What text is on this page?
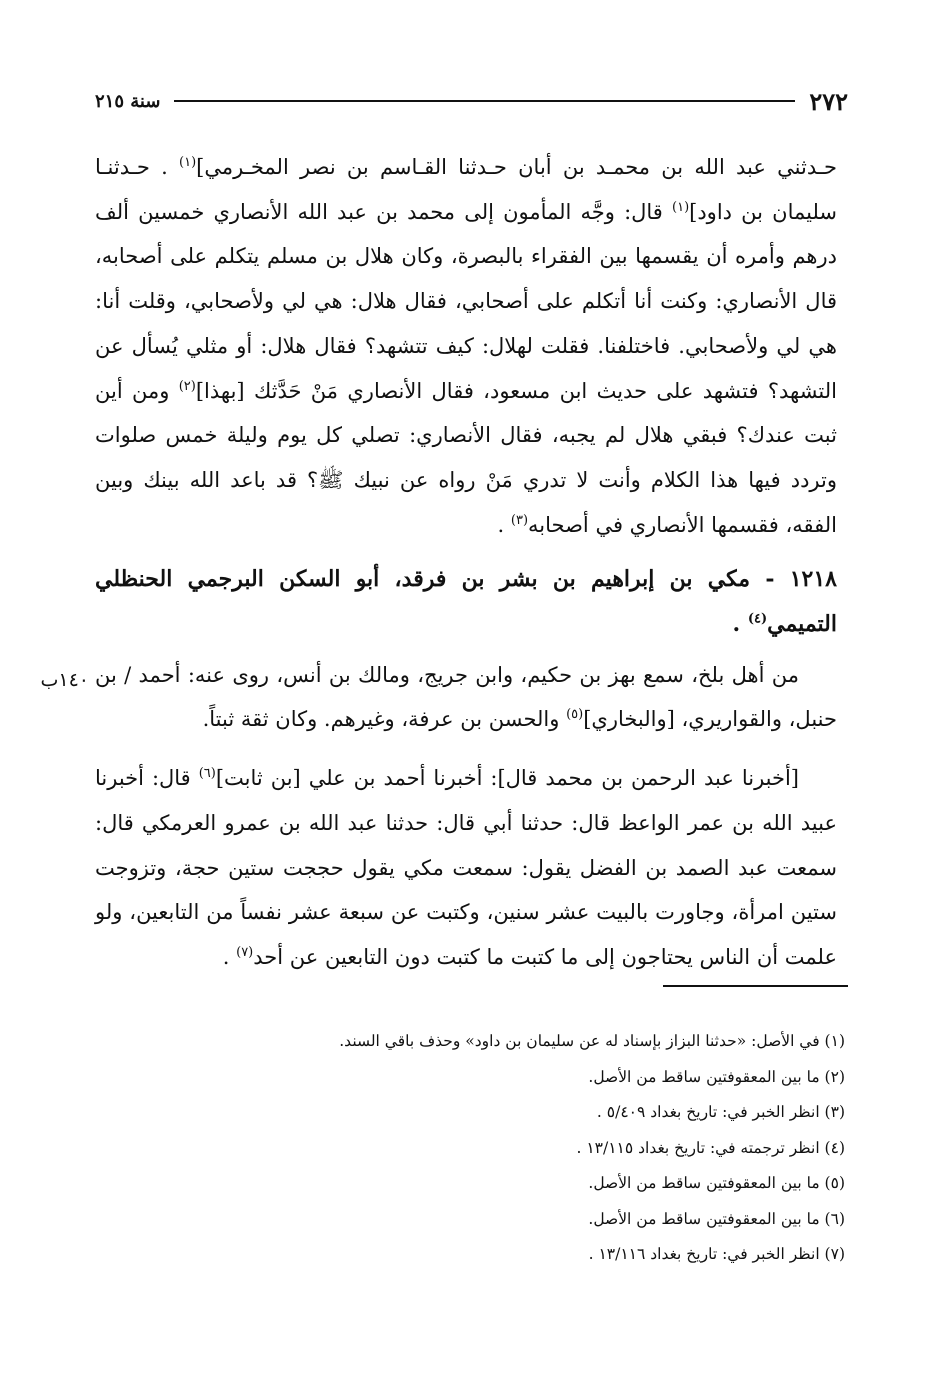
٢٧٢
سنة ٢١٥

حـدثني عبد الله بن محمـد بن أبان حـدثنا القـاسم بن نصر المخـرمي]$^{(١)}$ . حـدثنـا سليمان بن داود]$^{(١)}$ قال: وجَّه المأمون إلى محمد بن عبد الله الأنصاري خمسين ألف درهم وأمره أن يقسمها بين الفقراء بالبصرة، وكان هلال بن مسلم يتكلم على أصحابه، قال الأنصاري: وكنت أنا أتكلم على أصحابي، فقال هلال: هي لي ولأصحابي، وقلت أنا: هي لي ولأصحابي. فاختلفنا. فقلت لهلال: كيف تتشهد؟ فقال هلال: أو مثلي يُسأل عن التشهد؟ فتشهد على حديث ابن مسعود، فقال الأنصاري مَنْ حَدَّثك [بهذا]$^{(٢)}$ ومن أين ثبت عندك؟ فبقي هلال لم يجبه، فقال الأنصاري: تصلي كل يوم وليلة خمس صلوات وتردد فيها هذا الكلام وأنت لا تدري مَنْ رواه عن نبيك ﷺ؟ قد باعد الله بينك وبين الفقه، فقسمها الأنصاري في أصحابه$^{(٣)}$ .

١٢١٨ - مكي بن إبراهيم بن بشر بن فرقد، أبو السكن البرجمي الحنظلي التميمي$^{(٤)}$ .

١٤٠ب من أهل بلخ، سمع بهز بن حكيم، وابن جريج، ومالك بن أنس، روى عنه: أحمد / بن حنبل، والقواريري، [والبخاري]$^{(٥)}$ والحسن بن عرفة، وغيرهم. وكان ثقة ثبتاً.

[أخبرنا عبد الرحمن بن محمد قال]: أخبرنا أحمد بن علي [بن ثابت]$^{(٦)}$ قال: أخبرنا عبيد الله بن عمر الواعظ قال: حدثنا أبي قال: حدثنا عبد الله بن عمرو العرمكي قال: سمعت عبد الصمد بن الفضل يقول: سمعت مكي يقول حججت ستين حجة، وتزوجت ستين امرأة، وجاورت بالبيت عشر سنين، وكتبت عن سبعة عشر نفساً من التابعين، ولو علمت أن الناس يحتاجون إلى ما كتبت ما كتبت دون التابعين عن أحد$^{(٧)}$ .

(١) في الأصل: «حدثنا البزاز بإسناد له عن سليمان بن داود» وحذف باقي السند.

(٢) ما بين المعقوفتين ساقط من الأصل.

(٣) انظر الخبر في: تاريخ بغداد ٥/٤٠٩ .

(٤) انظر ترجمته في: تاريخ بغداد ١٣/١١٥ .

(٥) ما بين المعقوفتين ساقط من الأصل.

(٦) ما بين المعقوفتين ساقط من الأصل.

(٧) انظر الخبر في: تاريخ بغداد ١٣/١١٦ .
